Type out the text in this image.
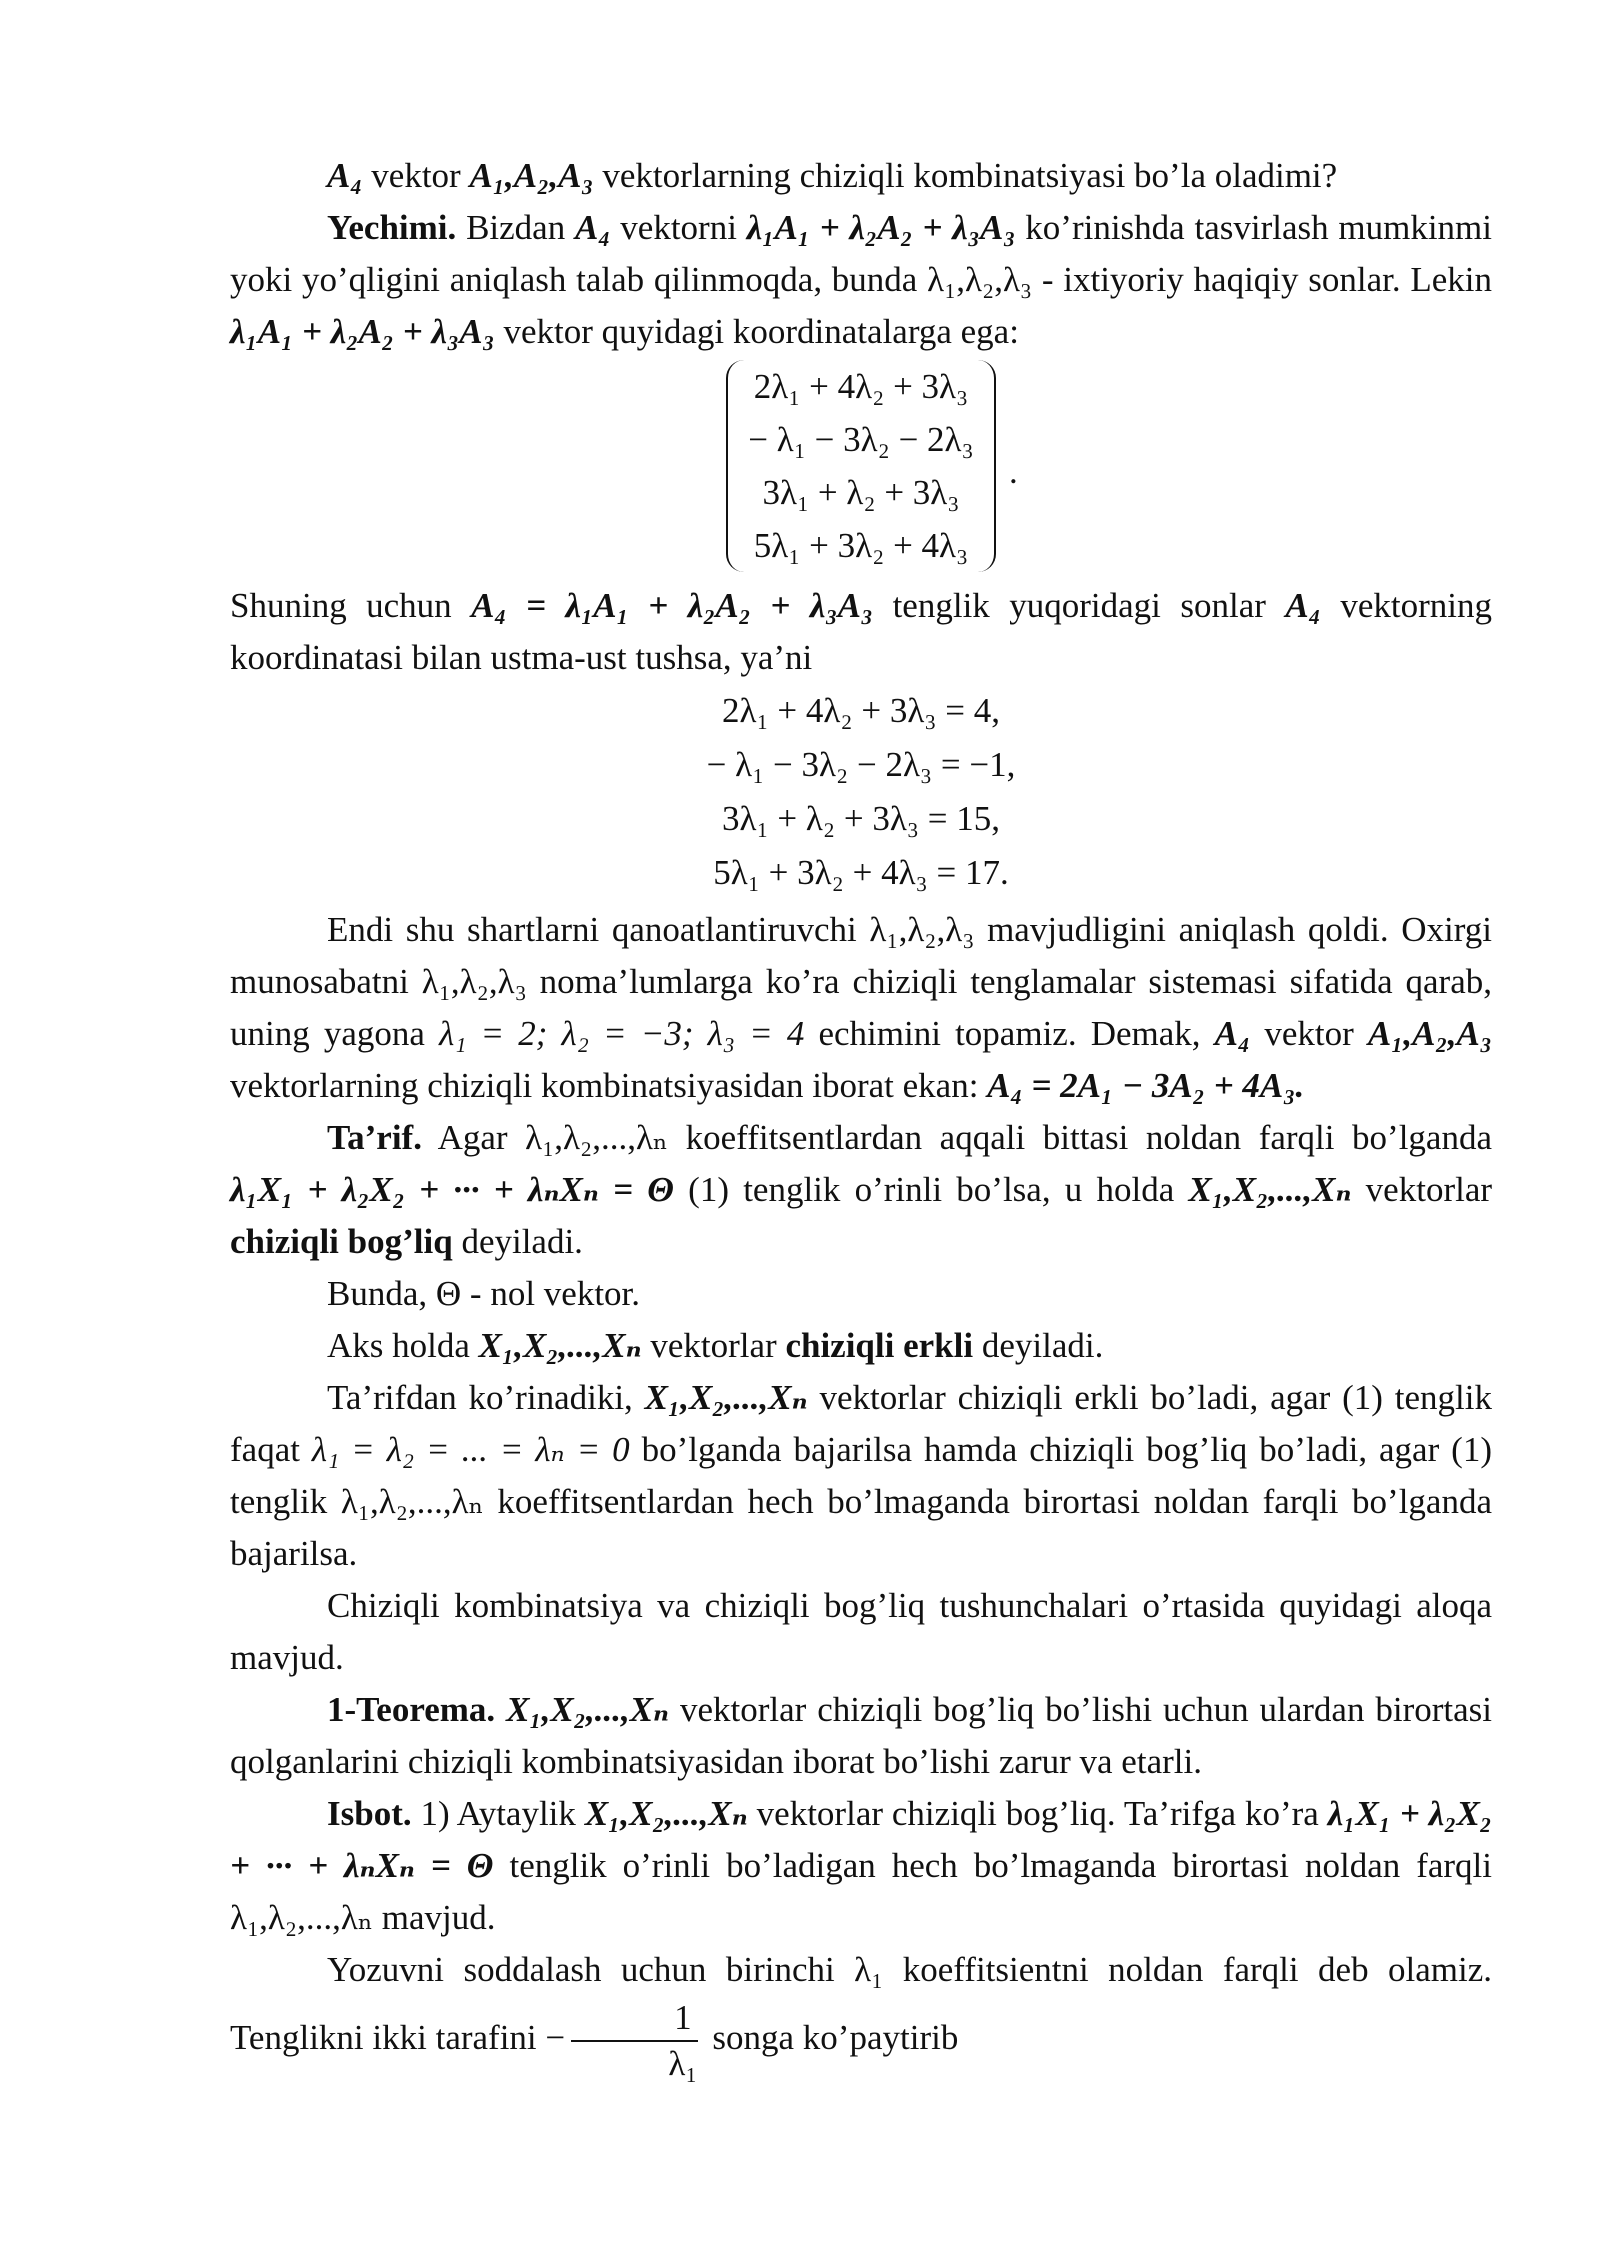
A₄ vektor A₁,A₂,A₃ vektorlarning chiziqli kombinatsiyasi bo’la oladimi?

Yechimi. Bizdan A₄ vektorni λ₁A₁ + λ₂A₂ + λ₃A₃ ko’rinishda tasvirlash mumkinmi yoki yo’qligini aniqlash talab qilinmoqda, bunda λ₁,λ₂,λ₃ - ixtiyoriy haqiqiy sonlar. Lekin λ₁A₁ + λ₂A₂ + λ₃A₃ vektor quyidagi koordinatalarga ega:

2λ₁ + 4λ₂ + 3λ₃
− λ₁ − 3λ₂ − 2λ₃
3λ₁ + λ₂ + 3λ₃
5λ₁ + 3λ₂ + 4λ₃
.

Shuning uchun A₄ = λ₁A₁ + λ₂A₂ + λ₃A₃ tenglik yuqoridagi sonlar A₄ vektorning koordinatasi bilan ustma-ust tushsa, ya’ni

2λ₁ + 4λ₂ + 3λ₃ = 4,

− λ₁ − 3λ₂ − 2λ₃ = −1,

3λ₁ + λ₂ + 3λ₃ = 15,

5λ₁ + 3λ₂ + 4λ₃ = 17.

Endi shu shartlarni qanoatlantiruvchi λ₁,λ₂,λ₃ mavjudligini aniqlash qoldi. Oxirgi munosabatni λ₁,λ₂,λ₃ noma’lumlarga ko’ra chiziqli tenglamalar sistemasi sifatida qarab, uning yagona λ₁ = 2; λ₂ = −3; λ₃ = 4 echimini topamiz. Demak, A₄ vektor A₁,A₂,A₃ vektorlarning chiziqli kombinatsiyasidan iborat ekan: A₄ = 2A₁ − 3A₂ + 4A₃.

Ta’rif. Agar λ₁,λ₂,...,λₙ koeffitsentlardan aqqali bittasi noldan farqli bo’lganda λ₁X₁ + λ₂X₂ + ··· + λₙXₙ = Θ (1) tenglik o’rinli bo’lsa, u holda X₁,X₂,...,Xₙ vektorlar chiziqli bog’liq deyiladi.

Bunda, Θ - nol vektor.

Aks holda X₁,X₂,...,Xₙ vektorlar chiziqli erkli deyiladi.

Ta’rifdan ko’rinadiki, X₁,X₂,...,Xₙ vektorlar chiziqli erkli bo’ladi, agar (1) tenglik faqat λ₁ = λ₂ = ... = λₙ = 0 bo’lganda bajarilsa hamda chiziqli bog’liq bo’ladi, agar (1) tenglik λ₁,λ₂,...,λₙ koeffitsentlardan hech bo’lmaganda birortasi noldan farqli bo’lganda bajarilsa.

Chiziqli kombinatsiya va chiziqli bog’liq tushunchalari o’rtasida quyidagi aloqa mavjud.

1-Teorema. X₁,X₂,...,Xₙ vektorlar chiziqli bog’liq bo’lishi uchun ulardan birortasi qolganlarini chiziqli kombinatsiyasidan iborat bo’lishi zarur va etarli.

Isbot. 1) Aytaylik X₁,X₂,...,Xₙ vektorlar chiziqli bog’liq. Ta’rifga ko’ra λ₁X₁ + λ₂X₂ + ··· + λₙXₙ = Θ tenglik o’rinli bo’ladigan hech bo’lmaganda birortasi noldan farqli λ₁,λ₂,...,λₙ mavjud.

Yozuvni soddalash uchun birinchi λ₁ koeffitsientni noldan farqli deb olamiz. Tenglikni ikki tarafini − $\frac{1}{\text{λ₁}}$ songa ko’paytirib
